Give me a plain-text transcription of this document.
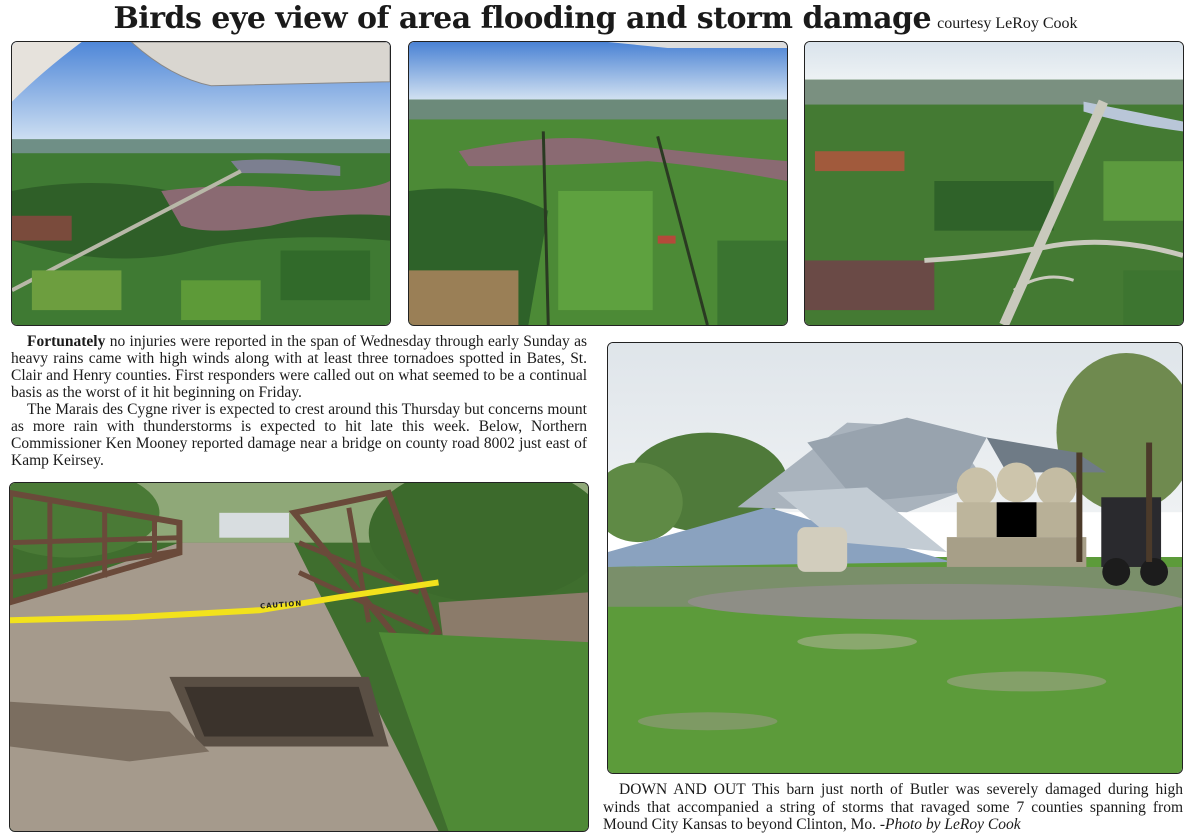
Birds eye view of area flooding and storm damage courtesy LeRoy Cook

Fortunately no injuries were reported in the span of Wednesday through early Sunday as heavy rains came with high winds along with at least three tornadoes spotted in Bates, St. Clair and Henry counties. First responders were called out on what seemed to be a continual basis as the worst of it hit beginning on Friday.

The Marais des Cygne river is expected to crest around this Thursday but concerns mount as more rain with thunderstorms is expected to hit late this week. Below, Northern Commissioner Ken Mooney reported damage near a bridge on county road 8002 just east of Kamp Keirsey.

DOWN AND OUT This barn just north of Butler was severely damaged during high winds that accompanied a string of storms that ravaged some 7 counties spanning from Mound City Kansas to beyond Clinton, Mo. -Photo by LeRoy Cook

CAUTION
